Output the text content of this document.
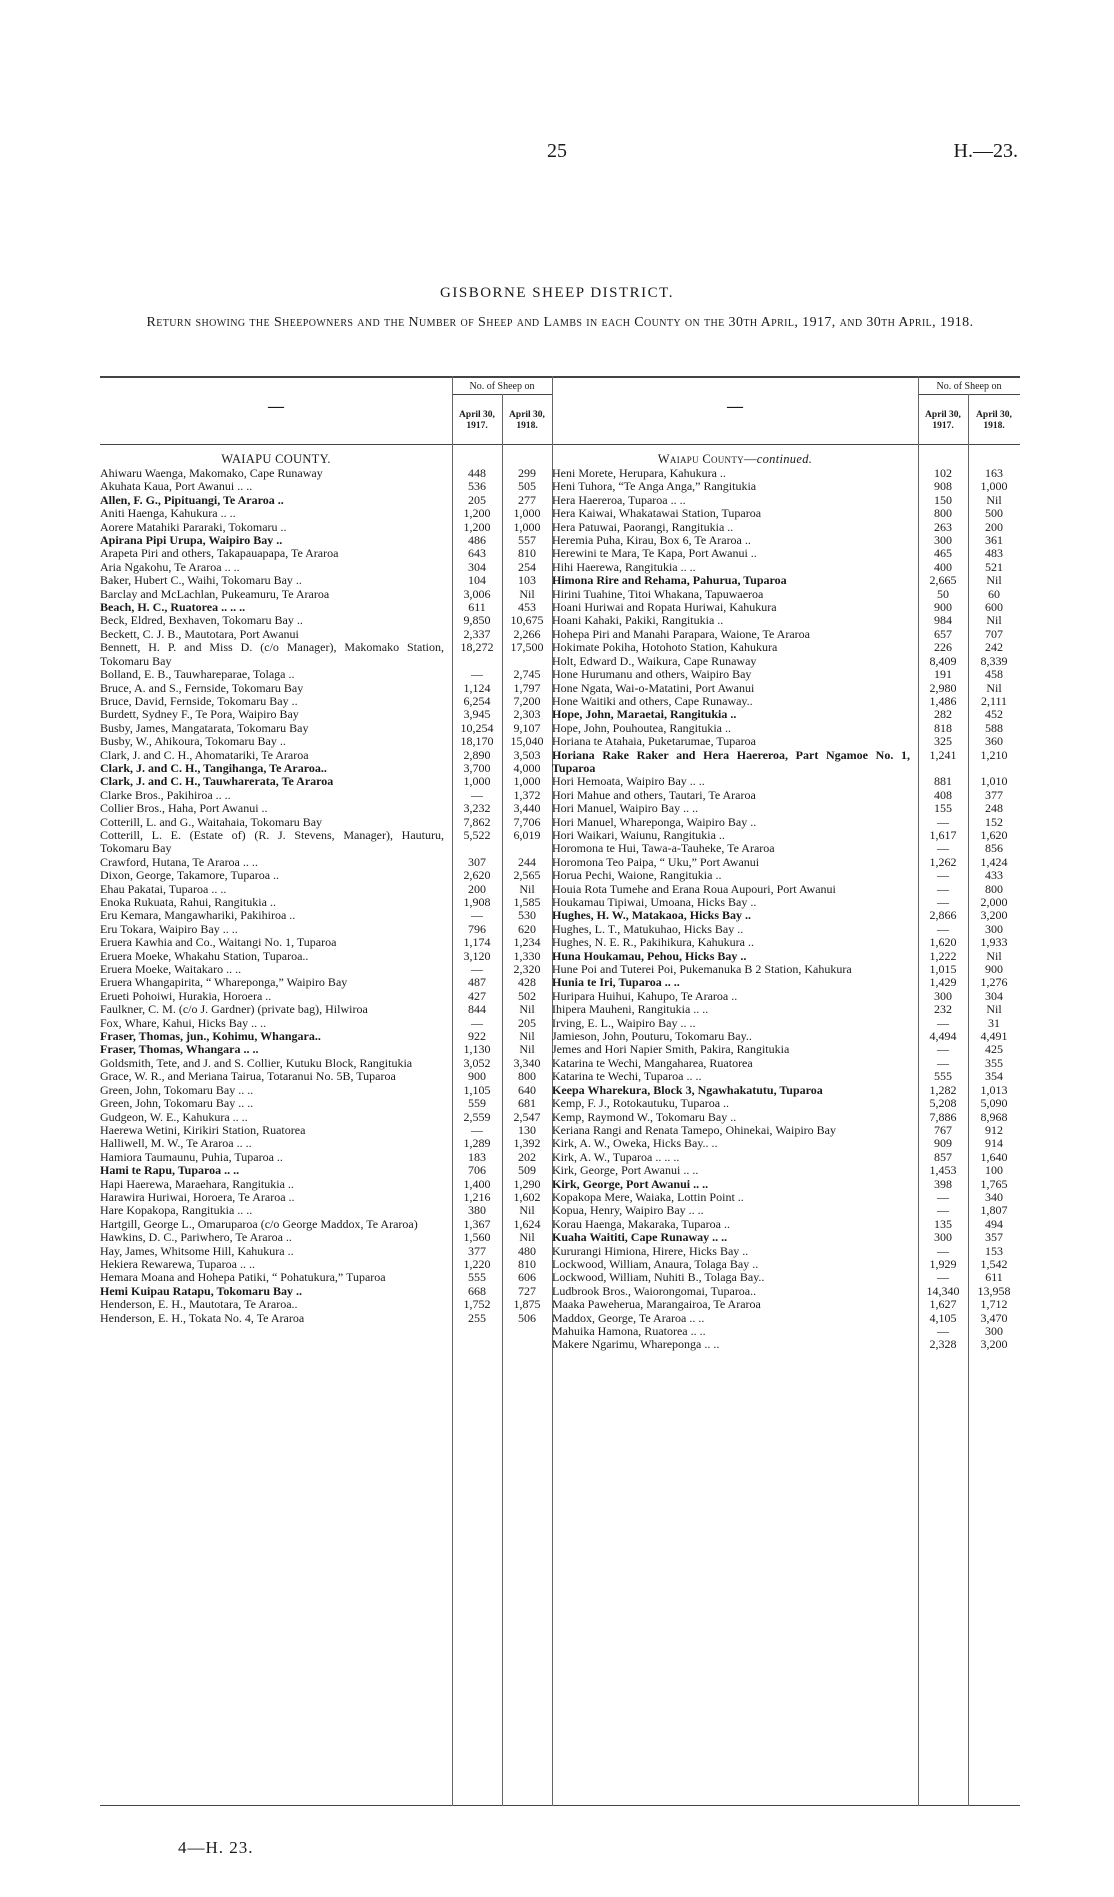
25	H.—23.
GISBORNE SHEEP DISTRICT.
Return showing the Sheepowners and the Number of Sheep and Lambs in each County on the 30th April, 1917, and 30th April, 1918.
—
No. of Sheep on
April 30, 1917.
April 30, 1918.
—
No. of Sheep on
April 30, 1917.
April 30, 1918.
WAIAPU COUNTY.
Ahiwaru Waenga, Makomako, Cape Runaway	448	299
Akuhata Kaua, Port Awanui .. ..	536	505
Allen, F. G., Pipituangi, Te Araroa ..	205	277
Aniti Haenga, Kahukura .. ..	1,200	1,000
Aorere Matahiki Pararaki, Tokomaru ..	1,200	1,000
Apirana Pipi Urupa, Waipiro Bay ..	486	557
Arapeta Piri and others, Takapauapapa, Te Araroa	643	810
Aria Ngakohu, Te Araroa .. ..	304	254
Baker, Hubert C., Waihi, Tokomaru Bay ..	104	103
Barclay and McLachlan, Pukeamuru, Te Araroa	3,006	Nil
Beach, H. C., Ruatorea .. .. ..	611	453
Beck, Eldred, Bexhaven, Tokomaru Bay ..	9,850	10,675
Beckett, C. J. B., Mautotara, Port Awanui	2,337	2,266
Bennett, H. P. and Miss D. (c/o Manager), Makomako Station, Tokomaru Bay
18,272	17,500
Bolland, E. B., Tauwhareparae, Tolaga ..	—	2,745
Bruce, A. and S., Fernside, Tokomaru Bay	1,124	1,797
Bruce, David, Fernside, Tokomaru Bay ..	6,254	7,200
Burdett, Sydney F., Te Pora, Waipiro Bay	3,945	2,303
Busby, James, Mangatarata, Tokomaru Bay	10,254	9,107
Busby, W., Ahikoura, Tokomaru Bay ..	18,170	15,040
Clark, J. and C. H., Ahomatariki, Te Araroa	2,890	3,503
Clark, J. and C. H., Tangihanga, Te Araroa..	3,700	4,000
Clark, J. and C. H., Tauwharerata, Te Araroa	1,000	1,000
Clarke Bros., Pakihiroa .. ..	—	1,372
Collier Bros., Haha, Port Awanui ..	3,232	3,440
Cotterill, L. and G., Waitahaia, Tokomaru Bay	7,862	7,706
Cotterill, L. E. (Estate of) (R. J. Stevens, Manager), Hauturu, Tokomaru Bay
5,522	6,019
Crawford, Hutana, Te Araroa .. ..	307	244
Dixon, George, Takamore, Tuparoa ..	2,620	2,565
Ehau Pakatai, Tuparoa .. ..	200	Nil
Enoka Rukuata, Rahui, Rangitukia ..	1,908	1,585
Eru Kemara, Mangawhariki, Pakihiroa ..	—	530
Eru Tokara, Waipiro Bay .. ..	796	620
Eruera Kawhia and Co., Waitangi No. 1, Tuparoa	1,174	1,234
Eruera Moeke, Whakahu Station, Tuparoa..	3,120	1,330
Eruera Moeke, Waitakaro .. ..	—	2,320
Eruera Whangapirita, “ Whareponga,” Waipiro Bay	487	428
Erueti Pohoiwi, Hurakia, Horoera ..	427	502
Faulkner, C. M. (c/o J. Gardner) (private bag), Hilwiroa	844	Nil
Fox, Whare, Kahui, Hicks Bay .. ..	—	205
Fraser, Thomas, jun., Kohimu, Whangara..	922	Nil
Fraser, Thomas, Whangara .. ..	1,130	Nil
Goldsmith, Tete, and J. and S. Collier, Kutuku Block, Rangitukia	3,052	3,340
Grace, W. R., and Meriana Tairua, Totaranui No. 5B, Tuparoa	900	800
Green, John, Tokomaru Bay .. ..	1,105	640
Green, John, Tokomaru Bay .. ..	559	681
Gudgeon, W. E., Kahukura .. ..	2,559	2,547
Haerewa Wetini, Kirikiri Station, Ruatorea	—	130
Halliwell, M. W., Te Araroa .. ..	1,289	1,392
Hamiora Taumaunu, Puhia, Tuparoa ..	183	202
Hami te Rapu, Tuparoa .. ..	706	509
Hapi Haerewa, Maraehara, Rangitukia ..	1,400	1,290
Harawira Huriwai, Horoera, Te Araroa ..	1,216	1,602
Hare Kopakopa, Rangitukia .. ..	380	Nil
Hartgill, George L., Omaruparoa (c/o George Maddox, Te Araroa)	1,367	1,624
Hawkins, D. C., Pariwhero, Te Araroa ..	1,560	Nil
Hay, James, Whitsome Hill, Kahukura ..	377	480
Hekiera Rewarewa, Tuparoa .. ..	1,220	810
Hemara Moana and Hohepa Patiki, “ Pohatukura,” Tuparoa	555	606
Hemi Kuipau Ratapu, Tokomaru Bay ..	668	727
Henderson, E. H., Mautotara, Te Araroa..	1,752	1,875
Henderson, E. H., Tokata No. 4, Te Araroa	255	506
Waiapu County—continued.
Heni Morete, Herupara, Kahukura ..	102	163
Heni Tuhora, “Te Anga Anga,” Rangitukia	908	1,000
Hera Haereroa, Tuparoa .. ..	150	Nil
Hera Kaiwai, Whakatawai Station, Tuparoa	800	500
Hera Patuwai, Paorangi, Rangitukia ..	263	200
Heremia Puha, Kirau, Box 6, Te Araroa ..	300	361
Herewini te Mara, Te Kapa, Port Awanui ..	465	483
Hihi Haerewa, Rangitukia .. ..	400	521
Himona Rire and Rehama, Pahurua, Tuparoa	2,665	Nil
Hirini Tuahine, Titoi Whakana, Tapuwaeroa	50	60
Hoani Huriwai and Ropata Huriwai, Kahukura	900	600
Hoani Kahaki, Pakiki, Rangitukia ..	984	Nil
Hohepa Piri and Manahi Parapara, Waione, Te Araroa	657	707
Hokimate Pokiha, Hotohoto Station, Kahukura	226	242
Holt, Edward D., Waikura, Cape Runaway	8,409	8,339
Hone Hurumanu and others, Waipiro Bay	191	458
Hone Ngata, Wai-o-Matatini, Port Awanui	2,980	Nil
Hone Waitiki and others, Cape Runaway..	1,486	2,111
Hope, John, Maraetai, Rangitukia ..	282	452
Hope, John, Pouhoutea, Rangitukia ..	818	588
Horiana te Atahaia, Puketarumae, Tuparoa	325	360
Horiana Rake Raker and Hera Haereroa, Part Ngamoe No. 1, Tuparoa
1,241	1,210
Hori Hemoata, Waipiro Bay .. ..	881	1,010
Hori Mahue and others, Tautari, Te Araroa	408	377
Hori Manuel, Waipiro Bay .. ..	155	248
Hori Manuel, Whareponga, Waipiro Bay ..	—	152
Hori Waikari, Waiunu, Rangitukia ..	1,617	1,620
Horomona te Hui, Tawa-a-Tauheke, Te Araroa	—	856
Horomona Teo Paipa, “ Uku,” Port Awanui	1,262	1,424
Horua Pechi, Waione, Rangitukia ..	—	433
Houia Rota Tumehe and Erana Roua Aupouri, Port Awanui	—	800
Houkamau Tipiwai, Umoana, Hicks Bay ..	—	2,000
Hughes, H. W., Matakaoa, Hicks Bay ..	2,866	3,200
Hughes, L. T., Matukuhao, Hicks Bay ..	—	300
Hughes, N. E. R., Pakihikura, Kahukura ..	1,620	1,933
Huna Houkamau, Pehou, Hicks Bay ..	1,222	Nil
Hune Poi and Tuterei Poi, Pukemanuka B 2 Station, Kahukura	1,015	900
Hunia te Iri, Tuparoa .. ..	1,429	1,276
Huripara Huihui, Kahupo, Te Araroa ..	300	304
Ihipera Mauheni, Rangitukia .. ..	232	Nil
Irving, E. L., Waipiro Bay .. ..	—	31
Jamieson, John, Pouturu, Tokomaru Bay..	4,494	4,491
Jemes and Hori Napier Smith, Pakira, Rangitukia	—	425
Katarina te Wechi, Mangaharea, Ruatorea	—	355
Katarina te Wechi, Tuparoa .. ..	555	354
Keepa Wharekura, Block 3, Ngawhakatutu, Tuparoa	1,282	1,013
Kemp, F. J., Rotokautuku, Tuparoa ..	5,208	5,090
Kemp, Raymond W., Tokomaru Bay ..	7,886	8,968
Keriana Rangi and Renata Tamepo, Ohinekai, Waipiro Bay	767	912
Kirk, A. W., Oweka, Hicks Bay.. ..	909	914
Kirk, A. W., Tuparoa .. .. ..	857	1,640
Kirk, George, Port Awanui .. ..	1,453	100
Kirk, George, Port Awanui .. ..	398	1,765
Kopakopa Mere, Waiaka, Lottin Point ..	—	340
Kopua, Henry, Waipiro Bay .. ..	—	1,807
Korau Haenga, Makaraka, Tuparoa ..	135	494
Kuaha Waititi, Cape Runaway .. ..	300	357
Kururangi Himiona, Hirere, Hicks Bay ..	—	153
Lockwood, William, Anaura, Tolaga Bay ..	1,929	1,542
Lockwood, William, Nuhiti B., Tolaga Bay..	—	611
Ludbrook Bros., Waiorongomai, Tuparoa..	14,340	13,958
Maaka Paweherua, Marangairoa, Te Araroa	1,627	1,712
Maddox, George, Te Araroa .. ..	4,105	3,470
Mahuika Hamona, Ruatorea .. ..	—	300
Makere Ngarimu, Whareponga .. ..	2,328	3,200
4—H. 23.
